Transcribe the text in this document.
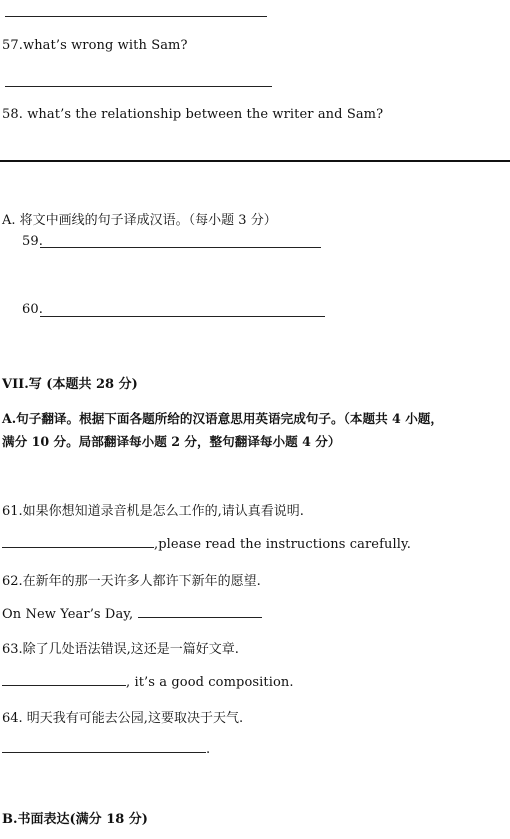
57.what’s wrong with Sam?
58. what’s the relationship between the writer and Sam?
A. 将文中画线的句子译成汉语。（每小题 3 分）
59.
60.
VII.写 (本题共 28 分)
A.句子翻译。根据下面各题所给的汉语意思用英语完成句子。（本题共 4 小题，
满分 10 分。局部翻译每小题 2 分，整句翻译每小题 4 分）
61.如果你想知道录音机是怎么工作的,请认真看说明.
,please read the instructions carefully.
62.在新年的那一天许多人都许下新年的愿望.
On New Year’s Day,
63.除了几处语法错误,这还是一篇好文章.
, it’s a good composition.
64. 明天我有可能去公园,这要取决于天气.
.
B.书面表达(满分 18 分)
